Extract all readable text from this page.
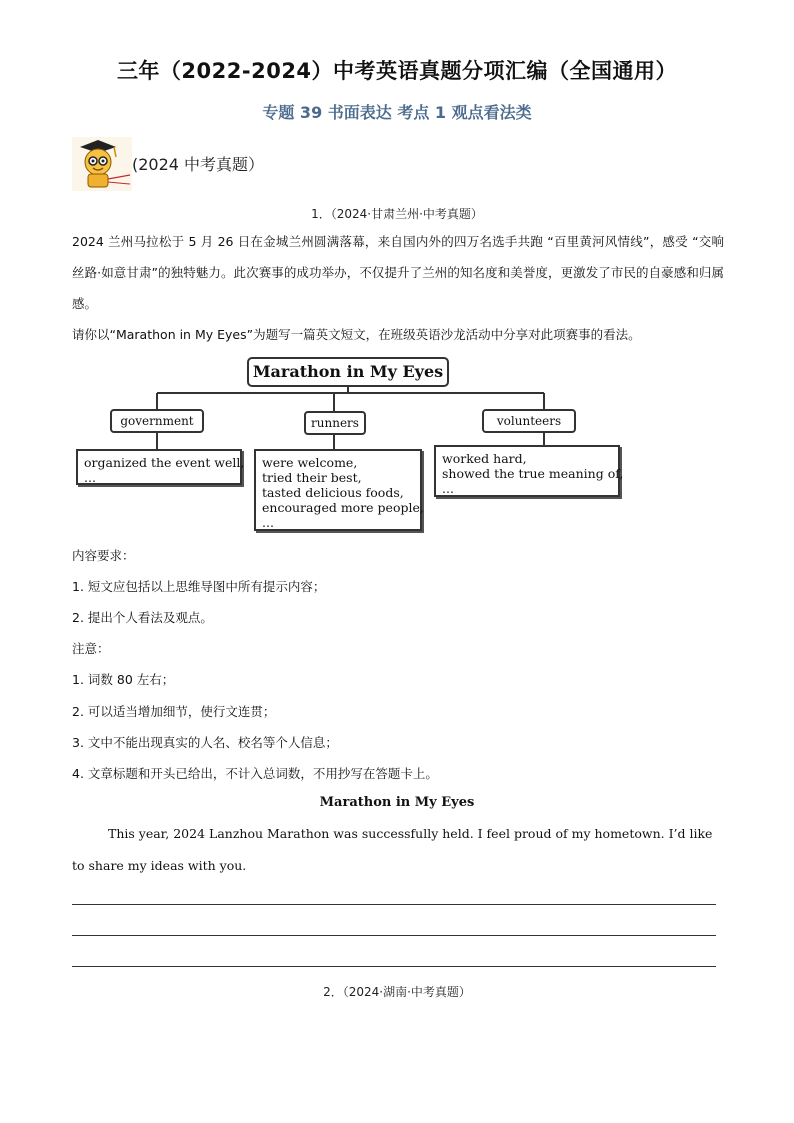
三年（2022-2024）中考英语真题分项汇编（全国通用）
专题 39 书面表达 考点 1 观点看法类
(2024 中考真题）
1．（2024·甘肃兰州·中考真题）
2024 兰州马拉松于 5 月 26 日在金城兰州圆满落幕，来自国内外的四万名选手共跑 “百里黄河风情线”，感受 “交响丝路·如意甘肃”的独特魅力。此次赛事的成功举办，不仅提升了兰州的知名度和美誉度，更激发了市民的自豪感和归属感。
请你以“Marathon in My Eyes”为题写一篇英文短文，在班级英语沙龙活动中分享对此项赛事的看法。
Marathon in My Eyes
government	runners	volunteers
organized the event well,
...
were welcome,
tried their best,
tasted delicious foods,
encouraged more people,
...
worked hard,
showed the true meaning of,
...
内容要求：
1. 短文应包括以上思维导图中所有提示内容；
2. 提出个人看法及观点。
注意：
1. 词数 80 左右；
2. 可以适当增加细节，使行文连贯；
3. 文中不能出现真实的人名、校名等个人信息；
4. 文章标题和开头已给出，不计入总词数，不用抄写在答题卡上。
Marathon in My Eyes
This year, 2024 Lanzhou Marathon was successfully held. I feel proud of my hometown. I’d like to share my ideas with you.
2．（2024·湖南·中考真题）
